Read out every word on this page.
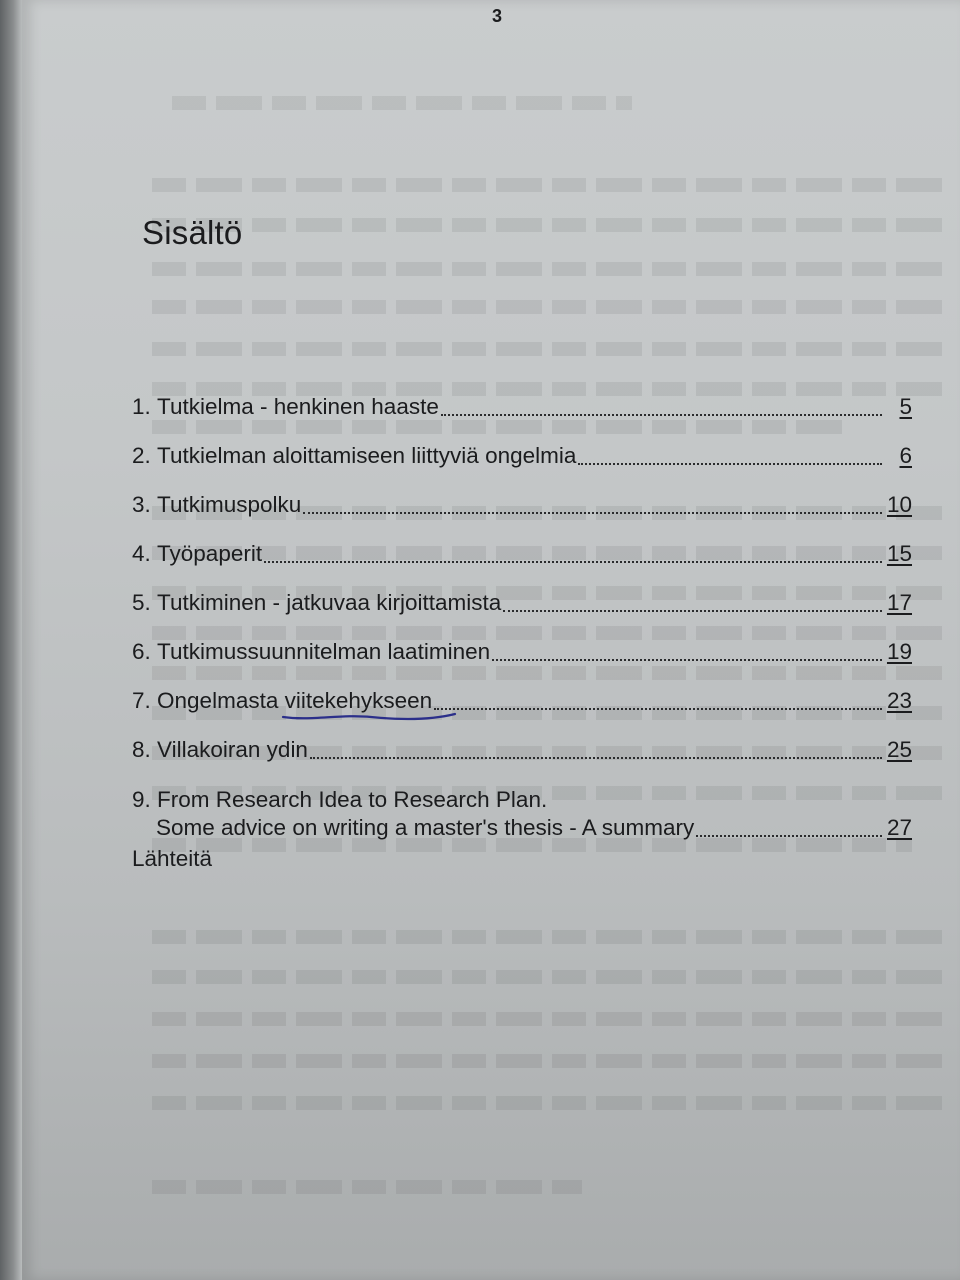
3
Sisältö
1.
Tutkielma - henkinen haaste	5
2.
Tutkielman aloittamiseen liittyviä ongelmia	6
3.
Tutkimuspolku	10
4.
Työpaperit	15
5.
Tutkiminen - jatkuvaa kirjoittamista	17
6.
Tutkimussuunnitelman laatiminen	19
7.
Ongelmasta
viitekehykseen	23
8.
Villakoiran ydin	25
9. From Research Idea to Research Plan.
Some advice on writing a master's thesis - A summary	27
Lähteitä
